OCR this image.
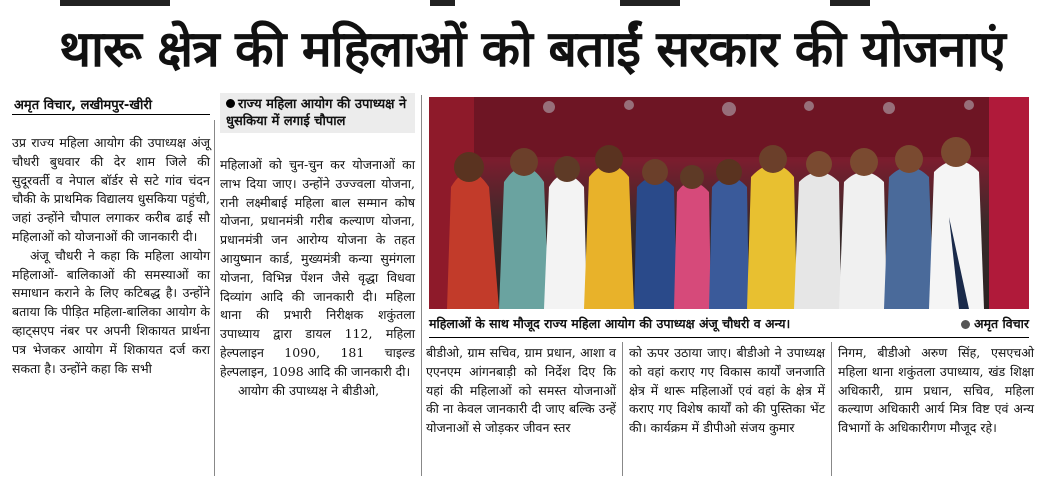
थारू क्षेत्र की महिलाओं को बताईं सरकार की योजनाएं
अमृत विचार, लखीमपुर-खीरी	राज्य महिला आयोग की उपाध्यक्ष ने धुसकिया में लगाई चौपाल

उप्र राज्य महिला आयोग की उपाध्यक्ष अंजू चौधरी बुधवार की देर शाम जिले की सुदूरवर्ती व नेपाल बॉर्डर से सटे गांव चंदन चौकी के प्राथमिक विद्यालय धुसकिया पहुंची, जहां उन्होंने चौपाल लगाकर करीब ढाई सौ महिलाओं को योजनाओं की जानकारी दी।

अंजू चौधरी ने कहा कि महिला आयोग महिलाओं- बालिकाओं की समस्याओं का समाधान कराने के लिए कटिबद्ध है। उन्होंने बताया कि पीड़ित महिला-बालिका आयोग के व्हाट्सएप नंबर पर अपनी शिकायत प्रार्थना पत्र भेजकर आयोग में शिकायत दर्ज करा सकता है। उन्होंने कहा कि सभी

महिलाओं को चुन-चुन कर योजनाओं का लाभ दिया जाए। उन्होंने उज्ज्वला योजना, रानी लक्ष्मीबाई महिला बाल सम्मान कोष योजना, प्रधानमंत्री गरीब कल्याण योजना, प्रधानमंत्री जन आरोग्य योजना के तहत आयुष्मान कार्ड, मुख्यमंत्री कन्या सुमंगला योजना, विभिन्न पेंशन जैसे वृद्धा विधवा दिव्यांग आदि की जानकारी दी। महिला थाना की प्रभारी निरीक्षक शकुंतला उपाध्याय द्वारा डायल 112, महिला हेल्पलाइन 1090, 181 चाइल्ड हेल्पलाइन, 1098 आदि की जानकारी दी।

आयोग की उपाध्यक्ष ने बीडीओ,

महिलाओं के साथ मौजूद राज्य महिला आयोग की उपाध्यक्ष अंजू चौधरी व अन्य।	अमृत विचार

बीडीओ, ग्राम सचिव, ग्राम प्रधान, आशा व एएनएम आंगनबाड़ी को निर्देश दिए कि यहां की महिलाओं को समस्त योजनाओं की ना केवल जानकारी दी जाए बल्कि उन्हें योजनाओं से जोड़कर जीवन स्तर

को ऊपर उठाया जाए। बीडीओ ने उपाध्यक्ष को वहां कराए गए विकास कार्यों जनजाति क्षेत्र में थारू महिलाओं एवं वहां के क्षेत्र में कराए गए विशेष कार्यों को की पुस्तिका भेंट की। कार्यक्रम में डीपीओ संजय कुमार

निगम, बीडीओ अरुण सिंह, एसएचओ महिला थाना शकुंतला उपाध्याय, खंड शिक्षा अधिकारी, ग्राम प्रधान, सचिव, महिला कल्याण अधिकारी आर्य मित्र विष्ट एवं अन्य विभागों के अधिकारीगण मौजूद रहे।
